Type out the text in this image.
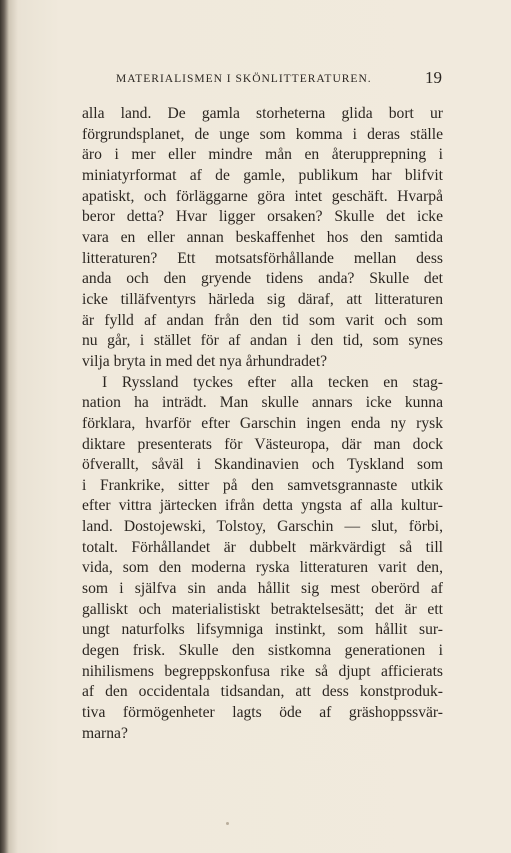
MATERIALISMEN I SKÖNLITTERATUREN.	19
alla land. De gamla storheterna glida bort ur
förgrundsplanet, de unge som komma i deras ställe
äro i mer eller mindre mån en återupprepning i
miniatyrformat af de gamle, publikum har blifvit
apatiskt, och förläggarne göra intet geschäft. Hvarpå
beror detta? Hvar ligger orsaken? Skulle det icke
vara en eller annan beskaffenhet hos den samtida
litteraturen? Ett motsatsförhållande mellan dess
anda och den gryende tidens anda? Skulle det
icke tilläfventyrs härleda sig däraf, att litteraturen
är fylld af andan från den tid som varit och som
nu går, i stället för af andan i den tid, som synes
vilja bryta in med det nya århundradet?
I Ryssland tyckes efter alla tecken en stag-
nation ha inträdt. Man skulle annars icke kunna
förklara, hvarför efter Garschin ingen enda ny rysk
diktare presenterats för Västeuropa, där man dock
öfverallt, såväl i Skandinavien och Tyskland som
i Frankrike, sitter på den samvetsgrannaste utkik
efter vittra järtecken ifrån detta yngsta af alla kultur-
land. Dostojewski, Tolstoy, Garschin — slut, förbi,
totalt. Förhållandet är dubbelt märkvärdigt så till
vida, som den moderna ryska litteraturen varit den,
som i själfva sin anda hållit sig mest oberörd af
galliskt och materialistiskt betraktelsesätt; det är ett
ungt naturfolks lifsymniga instinkt, som hållit sur-
degen frisk. Skulle den sistkomna generationen i
nihilismens begreppskonfusa rike så djupt afficierats
af den occidentala tidsandan, att dess konstproduk-
tiva förmögenheter lagts öde af gräshoppssvär-
marna?
